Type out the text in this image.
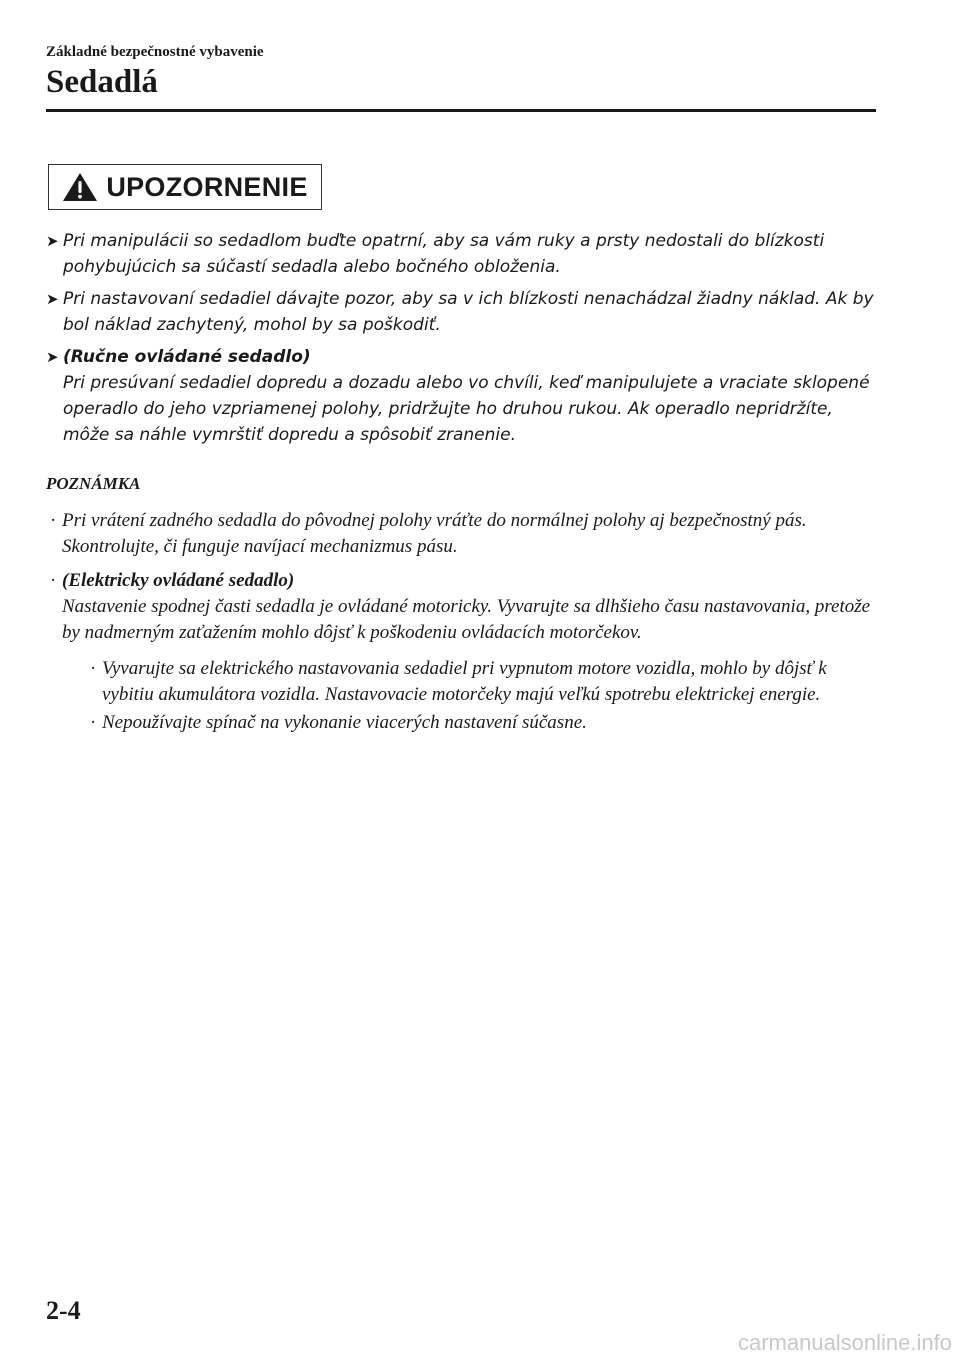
Základné bezpečnostné vybavenie
Sedadlá
UPOZORNENIE
➤ Pri manipulácii so sedadlom buďte opatrní, aby sa vám ruky a prsty nedostali do blízkosti pohybujúcich sa súčastí sedadla alebo bočného obloženia.
➤ Pri nastavovaní sedadiel dávajte pozor, aby sa v ich blízkosti nenachádzal žiadny náklad. Ak by bol náklad zachytený, mohol by sa poškodiť.
➤ (Ručne ovládané sedadlo)
Pri presúvaní sedadiel dopredu a dozadu alebo vo chvíli, keď manipulujete a vraciate sklopené operadlo do jeho vzpriamenej polohy, pridržujte ho druhou rukou. Ak operadlo nepridržíte, môže sa náhle vymrštiť dopredu a spôsobiť zranenie.
POZNÁMKA
· Pri vrátení zadného sedadla do pôvodnej polohy vráťte do normálnej polohy aj bezpečnostný pás. Skontrolujte, či funguje navíjací mechanizmus pásu.
· (Elektricky ovládané sedadlo)
Nastavenie spodnej časti sedadla je ovládané motoricky. Vyvarujte sa dlhšieho času nastavovania, pretože by nadmerným zaťažením mohlo dôjsť k poškodeniu ovládacích motorčekov.
· Vyvarujte sa elektrického nastavovania sedadiel pri vypnutom motore vozidla, mohlo by dôjsť k vybitiu akumulátora vozidla. Nastavovacie motorčeky majú veľkú spotrebu elektrickej energie.
· Nepoužívajte spínač na vykonanie viacerých nastavení súčasne.
2-4
carmanualsonline.info
